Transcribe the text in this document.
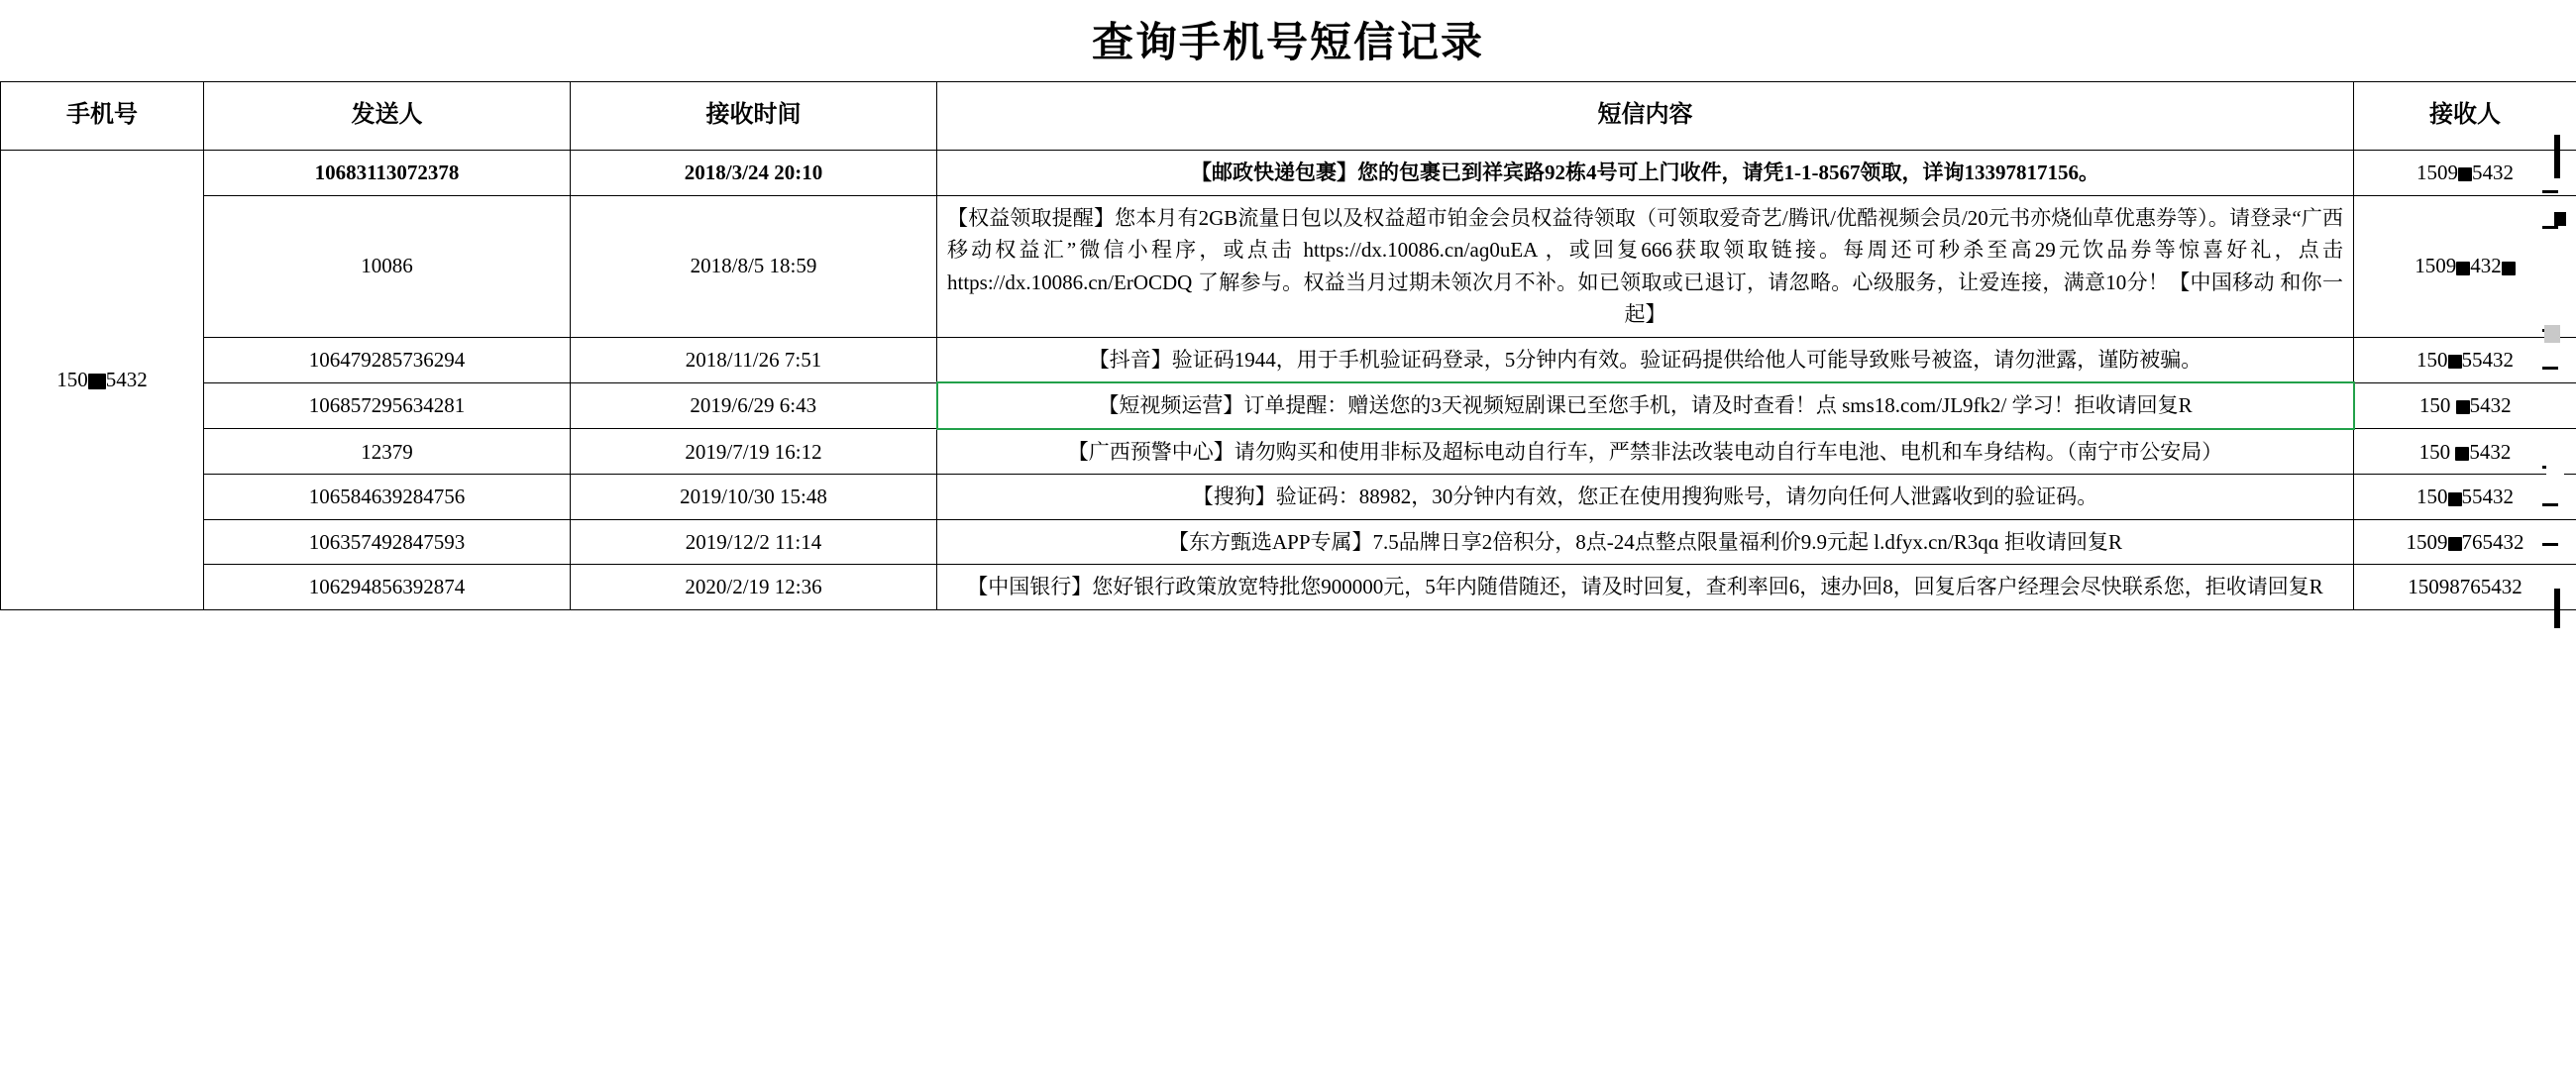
查询手机号短信记录
手机号	发送人	接收时间	短信内容	接收人
150 5432	10683113072378	2018/3/24 20:10	【邮政快递包裹】您的包裹已到祥宾路92栋4号可上门收件，请凭1-1-8567领取，详询13397817156。	1509 5432
	10086	2018/8/5 18:59	【权益领取提醒】您本月有2GB流量日包以及权益超市铂金会员权益待领取（可领取爱奇艺/腾讯/优酷视频会员/20元书亦烧仙草优惠券等）。请登录“广西移动权益汇”微信小程序，或点击 https://dx.10086.cn/aɡ0uEA ，或回复666获取领取链接。每周还可秒杀至高29元饮品券等惊喜好礼，点击 https://dx.10086.cn/ErOCDQ 了解参与。权益当月过期未领次月不补。如已领取或已退订，请忽略。心级服务，让爱连接，满意10分！【中国移动 和你一起】	1509 432
	106479285736294	2018/11/26 7:51	【抖音】验证码1944，用于手机验证码登录，5分钟内有效。验证码提供给他人可能导致账号被盗，请勿泄露，谨防被骗。	150 55432
	106857295634281	2019/6/29 6:43	【短视频运营】订单提醒：赠送您的3天视频短剧课已至您手机，请及时查看！点 sms18.com/JL9fk2/ 学习！拒收请回复R	150 5432
	12379	2019/7/19 16:12	【广西预警中心】请勿购买和使用非标及超标电动自行车，严禁非法改装电动自行车电池、电机和车身结构。（南宁市公安局）	150 5432
	106584639284756	2019/10/30 15:48	【搜狗】验证码：88982，30分钟内有效，您正在使用搜狗账号，请勿向任何人泄露收到的验证码。	150 55432
	106357492847593	2019/12/2 11:14	【东方甄选APP专属】7.5品牌日享2倍积分，8点-24点整点限量福利价9.9元起 l.dfyx.cn/R3qɑ 拒收请回复R	1509 765432
	106294856392874	2020/2/19 12:36	【中国银行】您好银行政策放宽特批您900000元，5年内随借随还，请及时回复，查利率回6，速办回8，回复后客户经理会尽快联系您，拒收请回复R	15098765432
